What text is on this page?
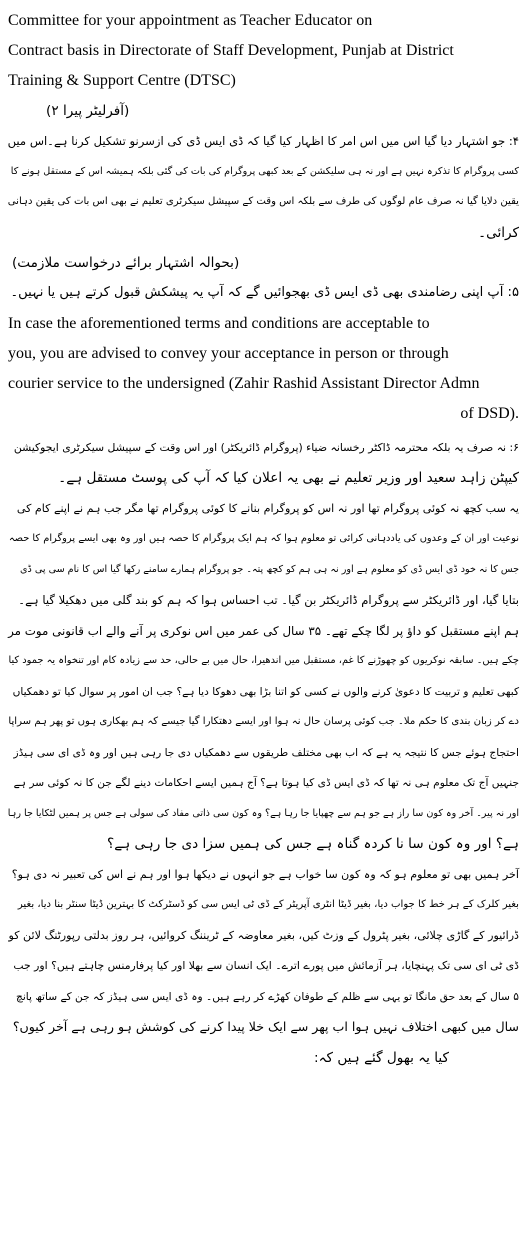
Committee for your appointment as Teacher Educator on
Contract basis in Directorate of Staff Development, Punjab at District
Training & Support Centre (DTSC)
(آفرلیٹر پیرا ۲)
۴: جو اشتہار دیا گیا اس میں اس امر کا اظہار کیا گیا کہ ڈی ایس ڈی کی ازسرنو تشکیل کرنا ہے۔اس میں
کسی پروگرام کا تذکرہ نہیں ہے اور نہ ہی سلیکشن کے بعد کبھی پروگرام کی بات کی گئی بلکہ ہمیشہ اس کے مستقل ہونے کا
یقین دلایا گیا نہ صرف عام لوگوں کی طرف سے بلکہ اس وقت کے سپیشل سیکرٹری تعلیم نے بھی اس بات کی یقین دہانی
کرائی۔
(بحوالہ اشتہار برائے درخواست ملازمت)
۵: آپ اپنی رضامندی بھی ڈی ایس ڈی بھجوائیں گے کہ آپ یہ پیشکش قبول کرتے ہیں یا نہیں۔
In case the aforementioned terms and conditions are acceptable to
you, you are advised to convey your acceptance in person or through
courier service to the undersigned (Zahir Rashid Assistant Director Admn
of DSD).
۶: نہ صرف یہ بلکہ محترمہ ڈاکٹر رخسانہ ضیاء (پروگرام ڈائریکٹر) اور اس وقت کے سپیشل سیکرٹری ایجوکیشن
کیپٹن زاہد سعید اور وزیر تعلیم نے بھی یہ اعلان کیا کہ آپ کی پوسٹ مستقل ہے۔
یہ سب کچھ نہ کوئی پروگرام تھا اور نہ اس کو پروگرام بنانے کا کوئی پروگرام تھا مگر جب ہم نے اپنے کام کی
نوعیت اور ان کے وعدوں کی یاددہانی کرائی تو معلوم ہوا کہ ہم ایک پروگرام کا حصہ ہیں اور وہ بھی ایسے پروگرام کا حصہ
جس کا نہ خود ڈی ایس ڈی کو معلوم ہے اور نہ ہی ہم کو کچھ پتہ۔ جو پروگرام ہمارے سامنے رکھا گیا اس کا نام سی پی ڈی
بتایا گیا، اور ڈائریکٹر سے پروگرام ڈائریکٹر بن گیا۔ تب احساس ہوا کہ ہم کو بند گلی میں دھکیلا گیا ہے۔
ہم اپنے مستقبل کو داؤ پر لگا چکے تھے۔ ۳۵ سال کی عمر میں اس نوکری پر آنے والے اب قانونی موت مر
چکے ہیں۔ سابقہ نوکریوں کو چھوڑنے کا غم، مستقبل میں اندھیرا، حال میں بے حالی، حد سے زیادہ کام اور تنخواہ یہ جمود کیا
کبھی تعلیم و تربیت کا دعویٰ کرنے والوں نے کسی کو اتنا بڑا بھی دھوکا دیا ہے؟ جب ان امور پر سوال کیا تو دھمکیاں
دے کر زبان بندی کا حکم ملا۔ جب کوئی پرسان حال نہ ہوا اور ایسے دھتکارا گیا جیسے کہ ہم بھکاری ہوں تو پھر ہم سراپا
احتجاج ہوئے جس کا نتیجہ یہ ہے کہ اب بھی مختلف طریقوں سے دھمکیاں دی جا رہی ہیں اور وہ ڈی ای سی ہیڈز
جنہیں آج تک معلوم ہی نہ تھا کہ ڈی ایس ڈی کیا ہوتا ہے؟ آج ہمیں ایسے احکامات دینے لگے جن کا نہ کوئی سر ہے
اور نہ پیر۔ آخر وہ کون سا راز ہے جو ہم سے چھپایا جا رہا ہے؟ وہ کون سی ذاتی مفاد کی سولی ہے جس پر ہمیں لٹکایا جا رہا
ہے؟ اور وہ کون سا نا کردہ گناہ ہے جس کی ہمیں سزا دی جا رہی ہے؟
آخر ہمیں بھی تو معلوم ہو کہ وہ کون سا خواب ہے جو انہوں نے دیکھا ہوا اور ہم نے اس کی تعبیر نہ دی ہو؟
بغیر کلرک کے ہر خط کا جواب دیا، بغیر ڈیٹا انٹری آپریٹر کے ڈی ٹی ایس سی کو ڈسٹرکٹ کا بہترین ڈیٹا سنٹر بنا دیا، بغیر
ڈرائیور کے گاڑی چلائی، بغیر پٹرول کے وزٹ کیں، بغیر معاوضہ کے ٹریننگ کروائیں، ہر روز بدلتی رپورٹنگ لائن کو
ڈی ٹی ای سی تک پہنچایا، ہر آزمائش میں پورے اترے۔ ایک انسان سے بھلا اور کیا پرفارمنس چاہتے ہیں؟ اور جب
۵ سال کے بعد حق مانگا تو یہی سے ظلم کے طوفان کھڑے کر رہے ہیں۔ وہ ڈی ایس سی ہیڈز کہ جن کے ساتھ پانچ
سال میں کبھی اختلاف نہیں ہوا اب پھر سے ایک خلا پیدا کرنے کی کوشش ہو رہی ہے آخر کیوں؟
کیا یہ بھول گئے ہیں کہ:
